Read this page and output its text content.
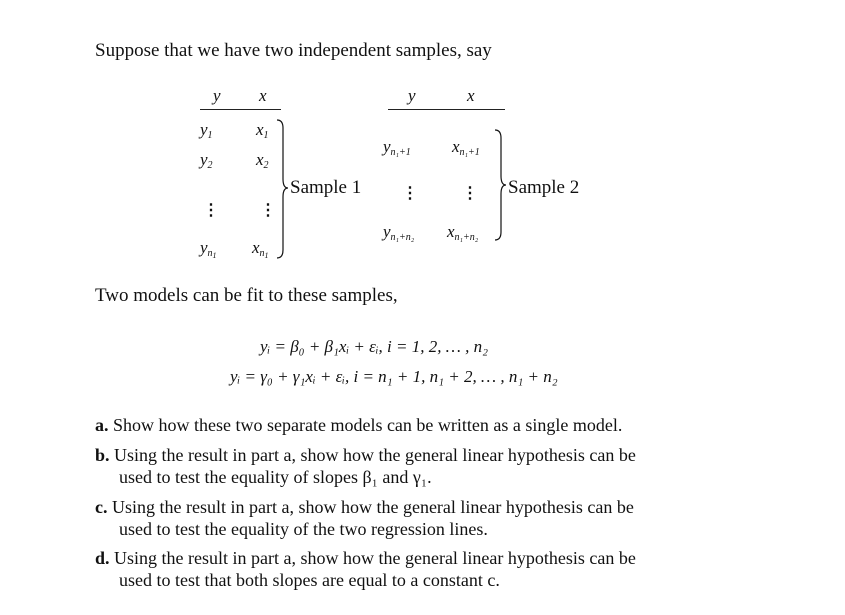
Suppose that we have two independent samples, say
y x
$y_1$	$x_1$
$y_2$	$x_2$
⋮	⋮
$y_{n1}$ $x_{n1}$
Sample 1
y	x
$y_{n_1+1}$ $x_{n_1+1}$
⋮	⋮
$y_{n_1+n_2}$ $x_{n_1+n_2}$
Sample 2
Two models can be fit to these samples,
yᵢ = β₀ + β₁xᵢ + εᵢ, i = 1, 2, … , n₂
yᵢ = γ₀ + γ₁xᵢ + εᵢ, i = n₁ + 1, n₁ + 2, … , n₁ + n₂
a. Show how these two separate models can be written as a single model.
b. Using the result in part a, show how the general linear hypothesis can be
used to test the equality of slopes β₁ and γ₁.
c. Using the result in part a, show how the general linear hypothesis can be
used to test the equality of the two regression lines.
d. Using the result in part a, show how the general linear hypothesis can be
used to test that both slopes are equal to a constant c.
